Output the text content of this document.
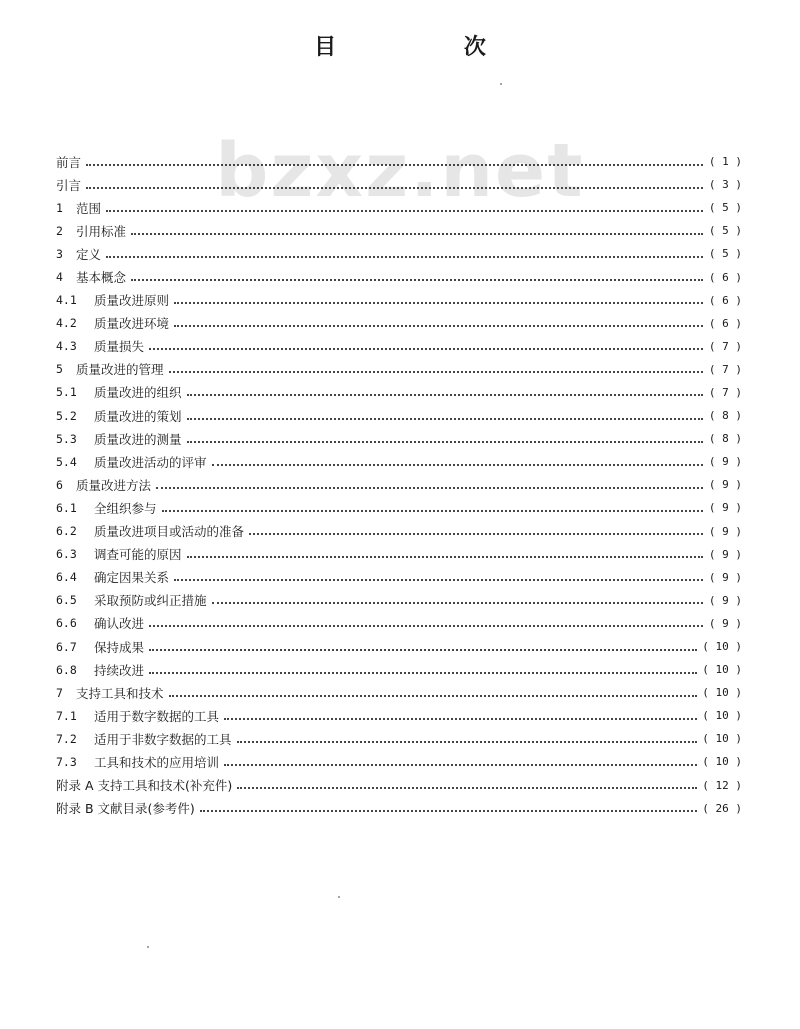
bzxz.net
目 次
前言	( 1 )
引言	( 3 )
1	范围	( 5 )
2	引用标准	( 5 )
3	定义	( 5 )
4	基本概念	( 6 )
4.1	质量改进原则	( 6 )
4.2	质量改进环境	( 6 )
4.3	质量损失	( 7 )
5	质量改进的管理	( 7 )
5.1	质量改进的组织	( 7 )
5.2	质量改进的策划	( 8 )
5.3	质量改进的测量	( 8 )
5.4	质量改进活动的评审	( 9 )
6	质量改进方法	( 9 )
6.1	全组织参与	( 9 )
6.2	质量改进项目或活动的准备	( 9 )
6.3	调查可能的原因	( 9 )
6.4	确定因果关系	( 9 )
6.5	采取预防或纠正措施	( 9 )
6.6	确认改进	( 9 )
6.7	保持成果	( 10 )
6.8	持续改进	( 10 )
7	支持工具和技术	( 10 )
7.1	适用于数字数据的工具	( 10 )
7.2	适用于非数字数据的工具	( 10 )
7.3	工具和技术的应用培训	( 10 )
附录 A 支持工具和技术(补充件)	( 12 )
附录 B 文献目录(参考件)	( 26 )
